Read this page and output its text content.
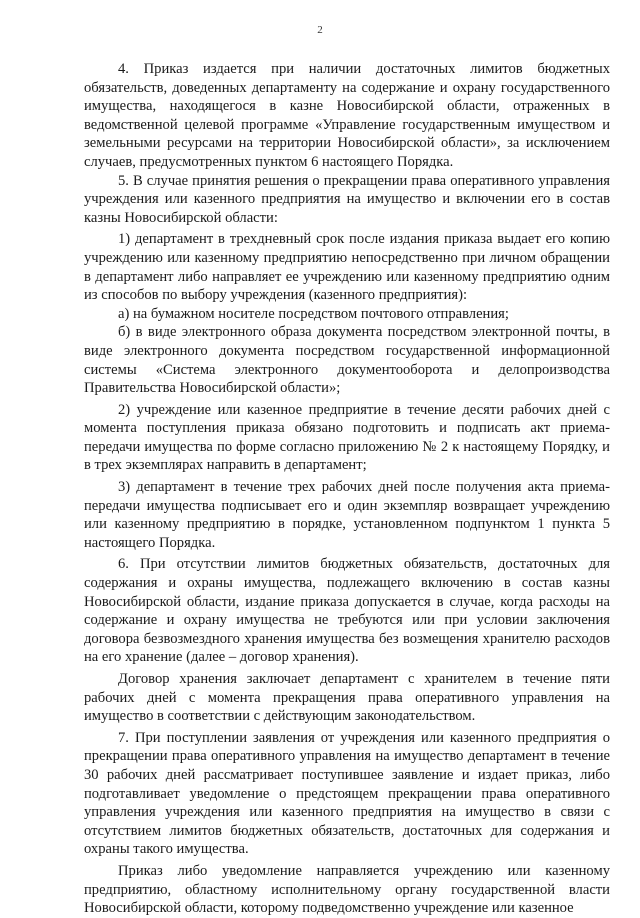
2

4. Приказ издается при наличии достаточных лимитов бюджетных обязательств, доведенных департаменту на содержание и охрану государственного имущества, находящегося в казне Новосибирской области, отраженных в ведомственной целевой программе «Управление государственным имуществом и земельными ресурсами на территории Новосибирской области», за исключением случаев, предусмотренных пунктом 6 настоящего Порядка.

5. В случае принятия решения о прекращении права оперативного управления учреждения или казенного предприятия на имущество и включении его в состав казны Новосибирской области:

1) департамент в трехдневный срок после издания приказа выдает его копию учреждению или казенному предприятию непосредственно при личном обращении в департамент либо направляет ее учреждению или казенному предприятию одним из способов по выбору учреждения (казенного предприятия):

а) на бумажном носителе посредством почтового отправления;

б) в виде электронного образа документа посредством электронной почты, в виде электронного документа посредством государственной информационной системы «Система электронного документооборота и делопроизводства Правительства Новосибирской области»;

2) учреждение или казенное предприятие в течение десяти рабочих дней с момента поступления приказа обязано подготовить и подписать акт приема-передачи имущества по форме согласно приложению № 2 к настоящему Порядку, и в трех экземплярах направить в департамент;

3) департамент в течение трех рабочих дней после получения акта приема-передачи имущества подписывает его и один экземпляр возвращает учреждению или казенному предприятию в порядке, установленном подпунктом 1 пункта 5 настоящего Порядка.

6. При отсутствии лимитов бюджетных обязательств, достаточных для содержания и охраны имущества, подлежащего включению в состав казны Новосибирской области, издание приказа допускается в случае, когда расходы на содержание и охрану имущества не требуются или при условии заключения договора безвозмездного хранения имущества без возмещения хранителю расходов на его хранение (далее – договор хранения).

Договор хранения заключает департамент с хранителем в течение пяти рабочих дней с момента прекращения права оперативного управления на имущество в соответствии с действующим законодательством.

7. При поступлении заявления от учреждения или казенного предприятия о прекращении права оперативного управления на имущество департамент в течение 30 рабочих дней рассматривает поступившее заявление и издает приказ, либо подготавливает уведомление о предстоящем прекращении права оперативного управления учреждения или казенного предприятия на имущество в связи с отсутствием лимитов бюджетных обязательств, достаточных для содержания и охраны такого имущества.

Приказ либо уведомление направляется учреждению или казенному предприятию, областному исполнительному органу государственной власти Новосибирской области, которому подведомственно учреждение или казенное
